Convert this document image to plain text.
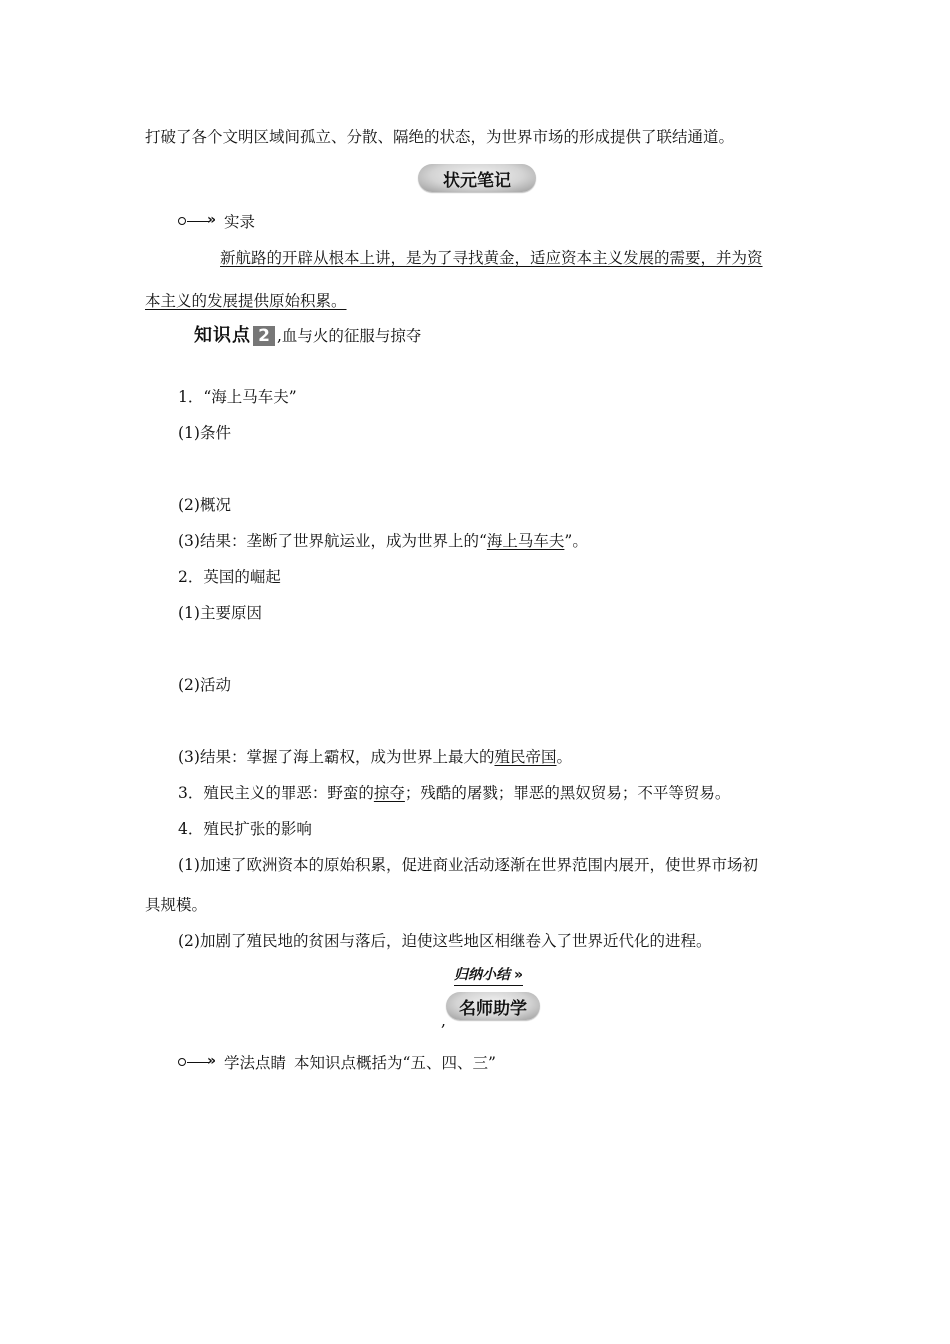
打破了各个文明区域间孤立、分散、隔绝的状态，为世界市场的形成提供了联结通道。
状元笔记
» 实录
新航路的开辟从根本上讲，是为了寻找黄金，适应资本主义发展的需要，并为资
本主义的发展提供原始积累。
知识点 2 ,血与火的征服与掠夺
1．“海上马车夫”
(1)条件
(2)概况
(3)结果：垄断了世界航运业，成为世界上的“海上马车夫”。
2．英国的崛起
(1)主要原因
(2)活动
(3)结果：掌握了海上霸权，成为世界上最大的殖民帝国。
3．殖民主义的罪恶：野蛮的掠夺；残酷的屠戮；罪恶的黑奴贸易；不平等贸易。
4．殖民扩张的影响
(1)加速了欧洲资本的原始积累，促进商业活动逐渐在世界范围内展开，使世界市场初
具规模。
(2)加剧了殖民地的贫困与落后，迫使这些地区相继卷入了世界近代化的进程。
归纳小结 »
名师助学
,
» 学法点睛 本知识点概括为“五、四、三”
